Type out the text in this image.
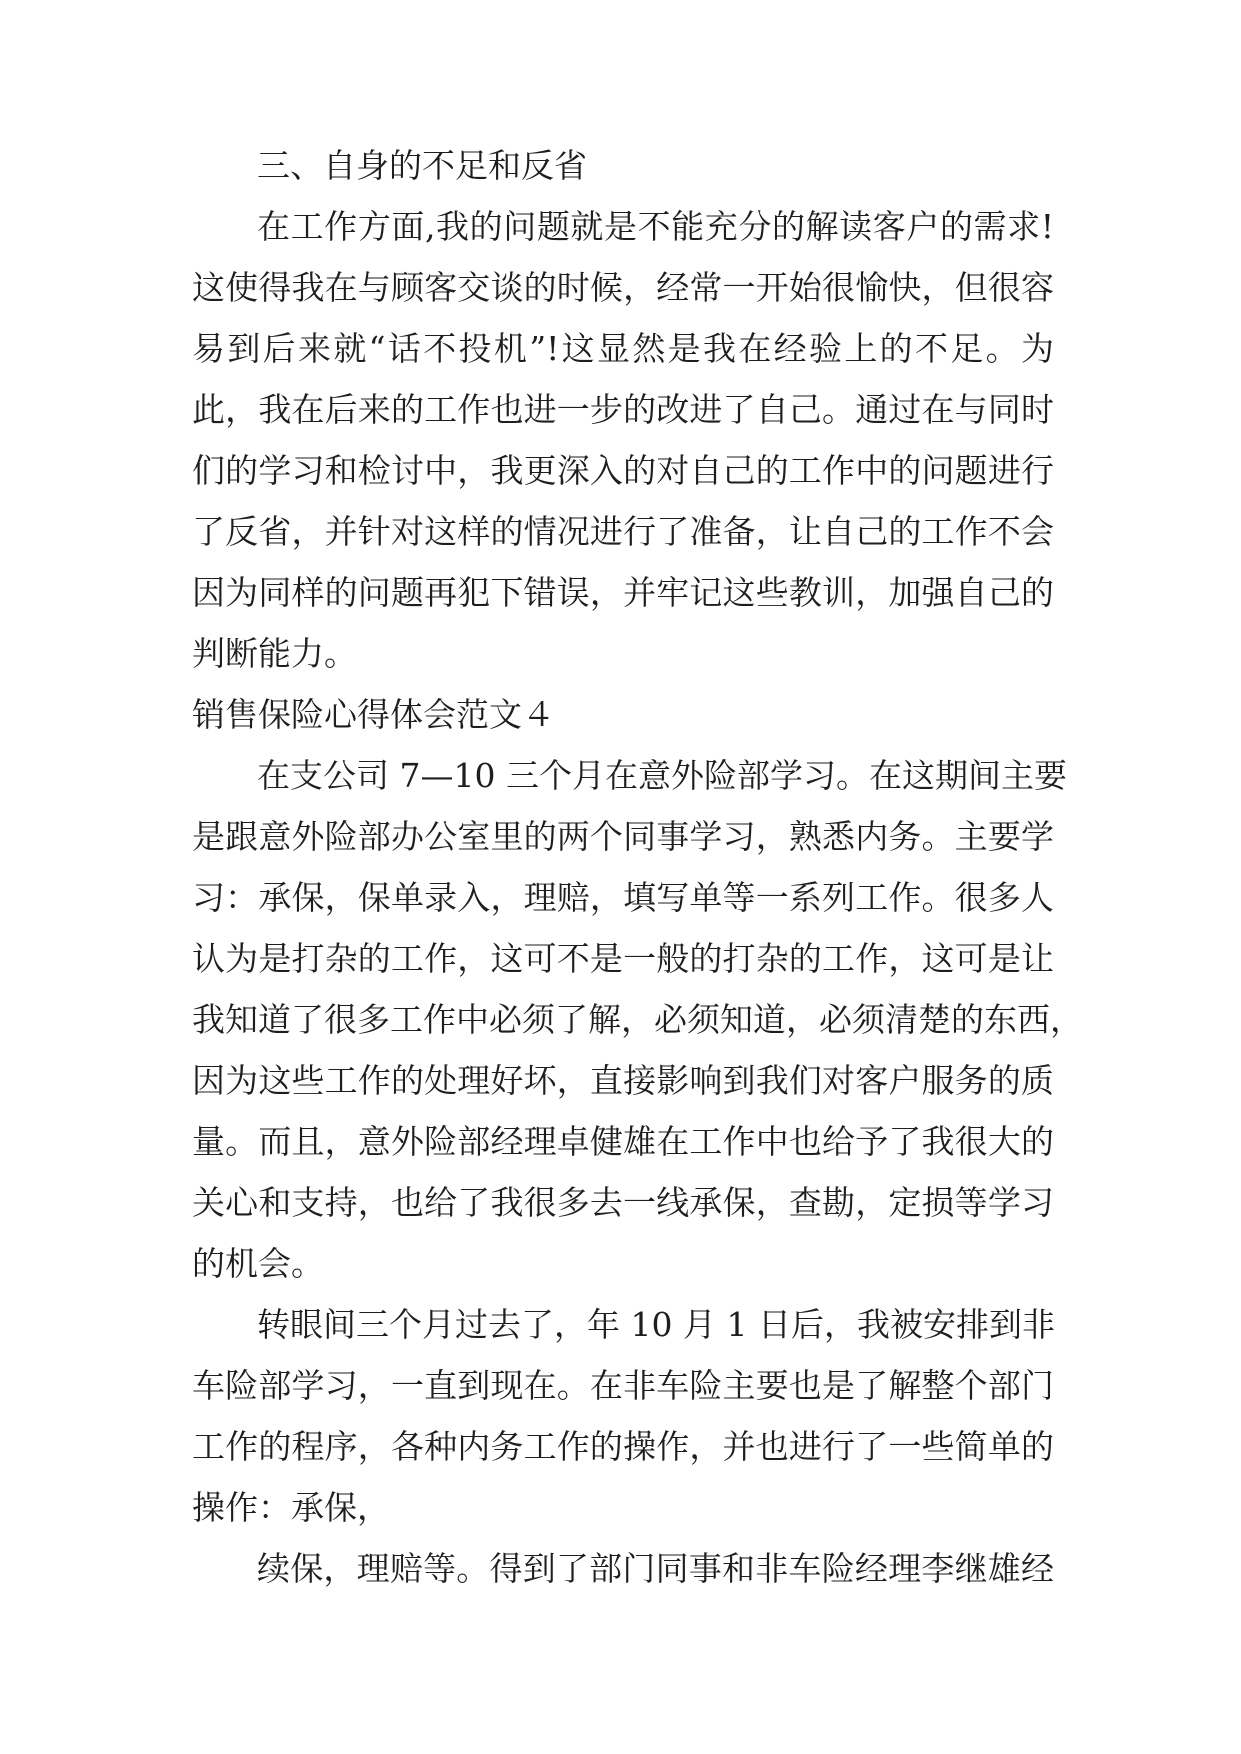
三、自身的不足和反省
在工作方面,我的问题就是不能充分的解读客户的需求!
这使得我在与顾客交谈的时候，经常一开始很愉快，但很容
易到后来就“话不投机”!这显然是我在经验上的不足。为
此，我在后来的工作也进一步的改进了自己。通过在与同时
们的学习和检讨中，我更深入的对自己的工作中的问题进行
了反省，并针对这样的情况进行了准备，让自己的工作不会
因为同样的问题再犯下错误，并牢记这些教训，加强自己的
判断能力。
销售保险心得体会范文４
在支公司 7—10 三个月在意外险部学习。在这期间主要
是跟意外险部办公室里的两个同事学习，熟悉内务。主要学
习：承保，保单录入，理赔，填写单等一系列工作。很多人
认为是打杂的工作，这可不是一般的打杂的工作，这可是让
我知道了很多工作中必须了解，必须知道，必须清楚的东西，
因为这些工作的处理好坏，直接影响到我们对客户服务的质
量。而且，意外险部经理卓健雄在工作中也给予了我很大的
关心和支持，也给了我很多去一线承保，查勘，定损等学习
的机会。
转眼间三个月过去了，年 10 月 1 日后，我被安排到非
车险部学习，一直到现在。在非车险主要也是了解整个部门
工作的程序，各种内务工作的操作，并也进行了一些简单的
操作：承保，
续保，理赔等。得到了部门同事和非车险经理李继雄经
